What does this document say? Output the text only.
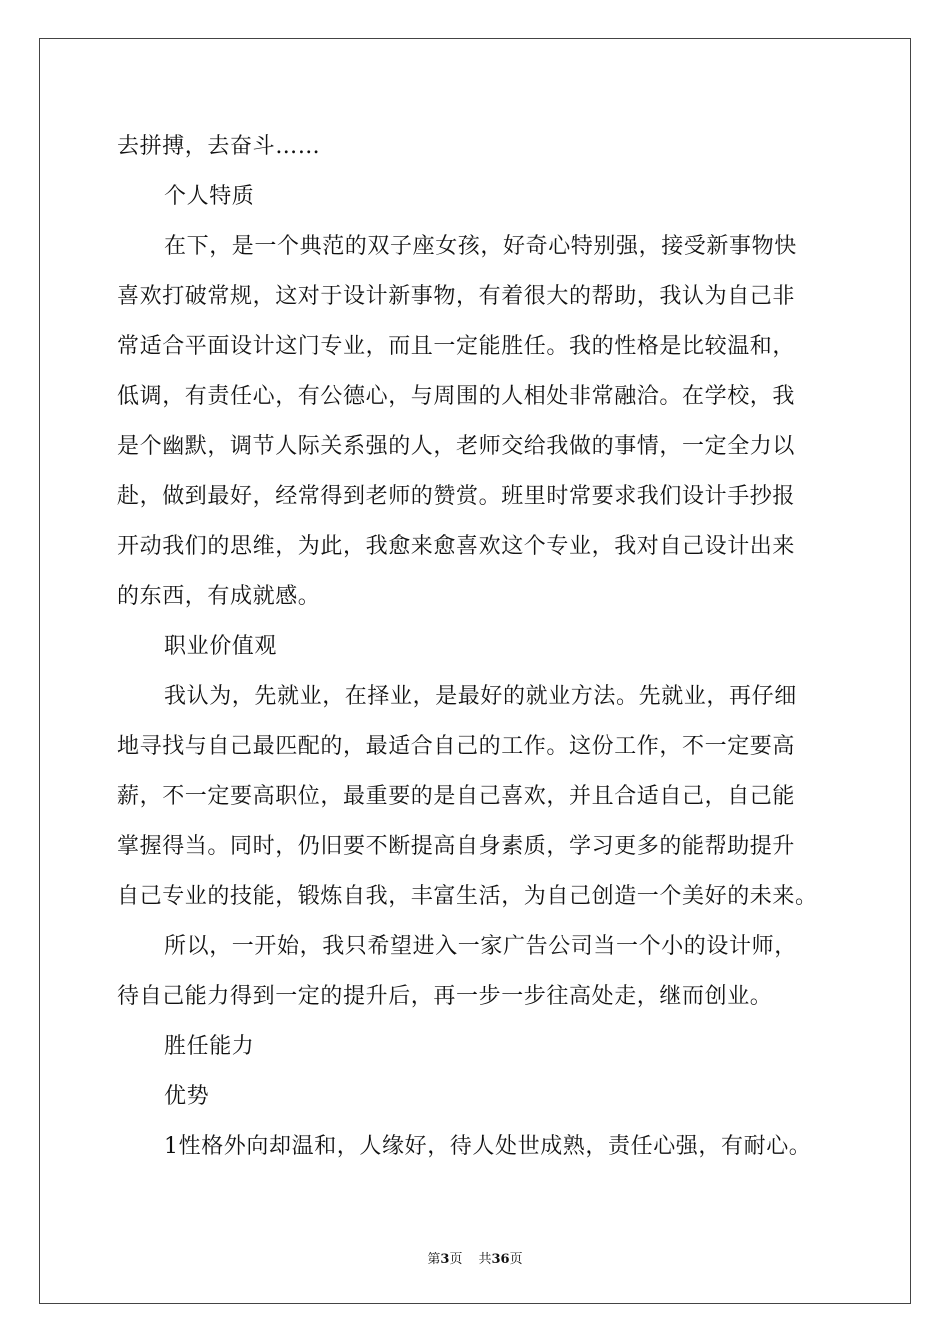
去拼搏，去奋斗……
个人特质
在下，是一个典范的双子座女孩，好奇心特别强，接受新事物快
喜欢打破常规，这对于设计新事物，有着很大的帮助，我认为自己非
常适合平面设计这门专业，而且一定能胜任。我的性格是比较温和，
低调，有责任心，有公德心，与周围的人相处非常融洽。在学校，我
是个幽默，调节人际关系强的人，老师交给我做的事情，一定全力以
赴，做到最好，经常得到老师的赞赏。班里时常要求我们设计手抄报
开动我们的思维，为此，我愈来愈喜欢这个专业，我对自己设计出来
的东西，有成就感。
职业价值观
我认为，先就业，在择业，是最好的就业方法。先就业，再仔细
地寻找与自己最匹配的，最适合自己的工作。这份工作，不一定要高
薪，不一定要高职位，最重要的是自己喜欢，并且合适自己，自己能
掌握得当。同时，仍旧要不断提高自身素质，学习更多的能帮助提升
自己专业的技能，锻炼自我，丰富生活，为自己创造一个美好的未来。
所以，一开始，我只希望进入一家广告公司当一个小的设计师，
待自己能力得到一定的提升后，再一步一步往高处走，继而创业。
胜任能力
优势
1性格外向却温和，人缘好，待人处世成熟，责任心强，有耐心。
第3页 共36页
